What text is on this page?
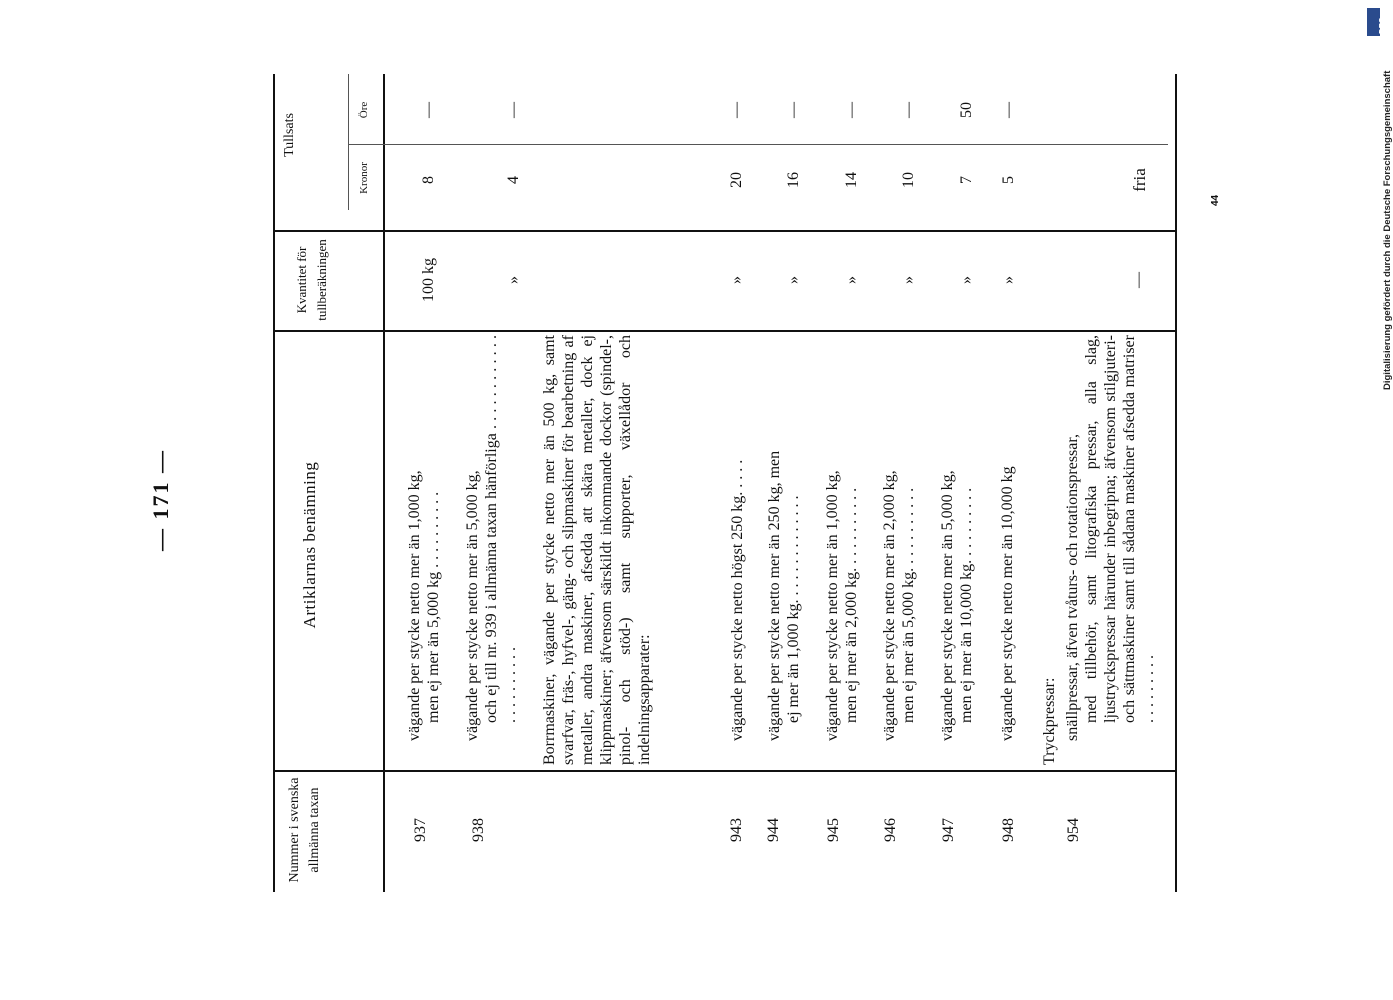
— 171 —
Nummer i svenska allmänna taxan
Artiklarnas benämning
Kvantitet för tullberäkningen
Tullsats
Kronor
Öre
937
vägande per stycke netto mer än 1,000 kg, men ej mer än 5,000 kg . . . . . . . . . .
100 kg
8
—
938
vägande per stycke netto mer än 5,000 kg, och ej till nr. 939 i allmänna taxan hänförliga . . . . . . . . . . . . . . . . . . . . . .
»
4
—
Borrmaskiner, vägande per stycke netto mer än 500 kg, samt svarfvar, fräs-, hyfvel-, gäng- och slipmaskiner för bearbetning af metaller, andra maskiner, afsedda att skära metaller, dock ej klippmaskiner; äfvensom särskildt inkommande dockor (spindel-, pinol- och stöd-) samt supporter, växellådor och indelningsapparater:
943
vägande per stycke netto högst 250 kg. . . . .
»
20
—
944
vägande per stycke netto mer än 250 kg, men ej mer än 1,000 kg. . . . . . . . . . . . . .
»
16
—
945
vägande per stycke netto mer än 1,000 kg, men ej mer än 2,000 kg. . . . . . . . . . .
»
14
—
946
vägande per stycke netto mer än 2,000 kg, men ej mer än 5,000 kg. . . . . . . . . . .
»
10
—
947
vägande per stycke netto mer än 5,000 kg, men ej mer än 10,000 kg. . . . . . . . . .
»
7
50
948
vägande per stycke netto mer än 10,000 kg
»
5
—
Tryckpressar:
954
snällpressar, äfven tvåturs- och rotationspressar, med tillbehör, samt litografiska pressar, alla slag, ljustryckspressar härunder inbegripna; äfvensom stilgjuteri- och sättmaskiner samt till sådana maskiner afsedda matriser . . . . . . . . .
—
fria
44
DFG
Digitalisierung gefördert durch die Deutsche Forschungsgemeinschaft
